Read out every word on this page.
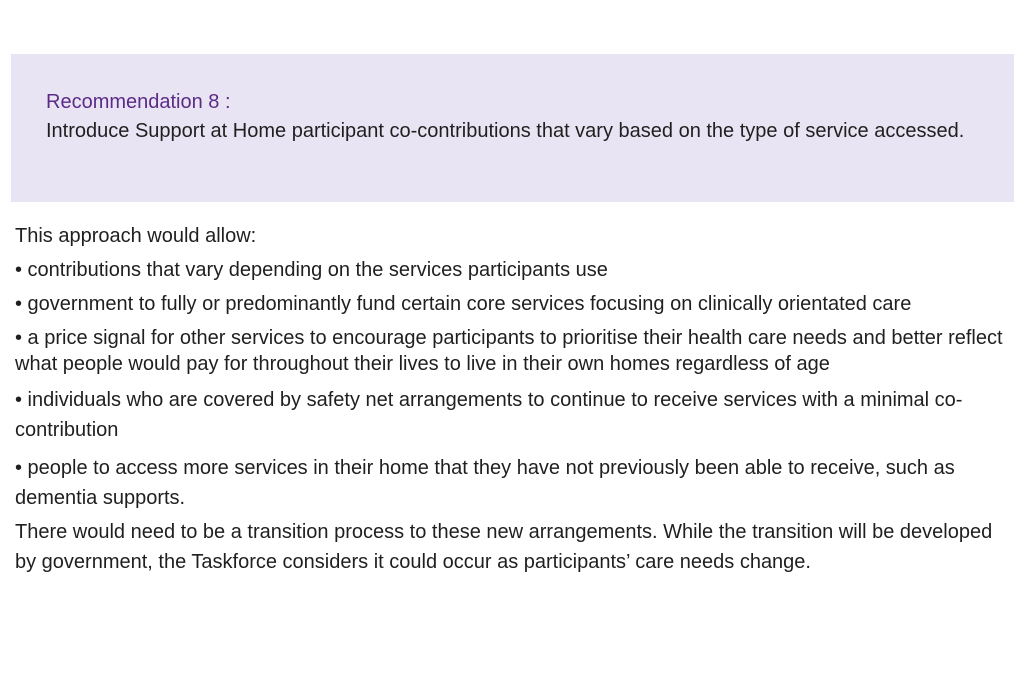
Recommendation 8 :

Introduce Support at Home participant co-contributions that vary based on the type of service accessed.

This approach would allow:

• contributions that vary depending on the services participants use

• government to fully or predominantly fund certain core services focusing on clinically orientated care

• a price signal for other services to encourage participants to prioritise their health care needs and better reflect what people would pay for throughout their lives to live in their own homes regardless of age

• individuals who are covered by safety net arrangements to continue to receive services with a minimal co-contribution

• people to access more services in their home that they have not previously been able to receive, such as dementia supports.

There would need to be a transition process to these new arrangements. While the transition will be developed by government, the Taskforce considers it could occur as participants’ care needs change.
